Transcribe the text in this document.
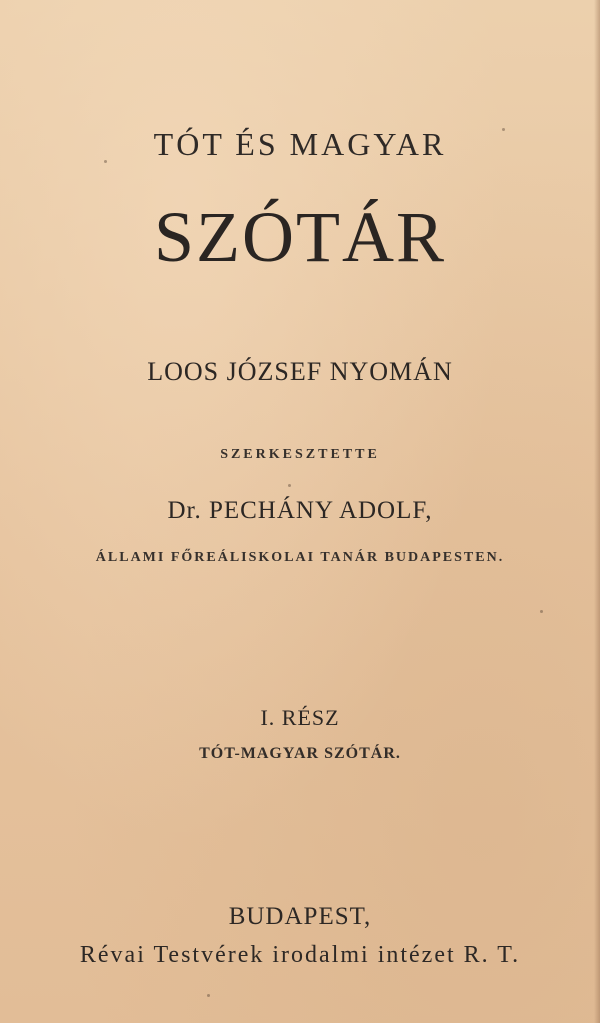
TÓT ÉS MAGYAR
SZÓTÁR
LOOS JÓZSEF NYOMÁN
SZERKESZTETTE
Dr. PECHÁNY ADOLF,
ÁLLAMI FŐREÁLISKOLAI TANÁR BUDAPESTEN.
I. RÉSZ
TÓT-MAGYAR SZÓTÁR.
BUDAPEST,
Révai Testvérek irodalmi intézet R. T.
